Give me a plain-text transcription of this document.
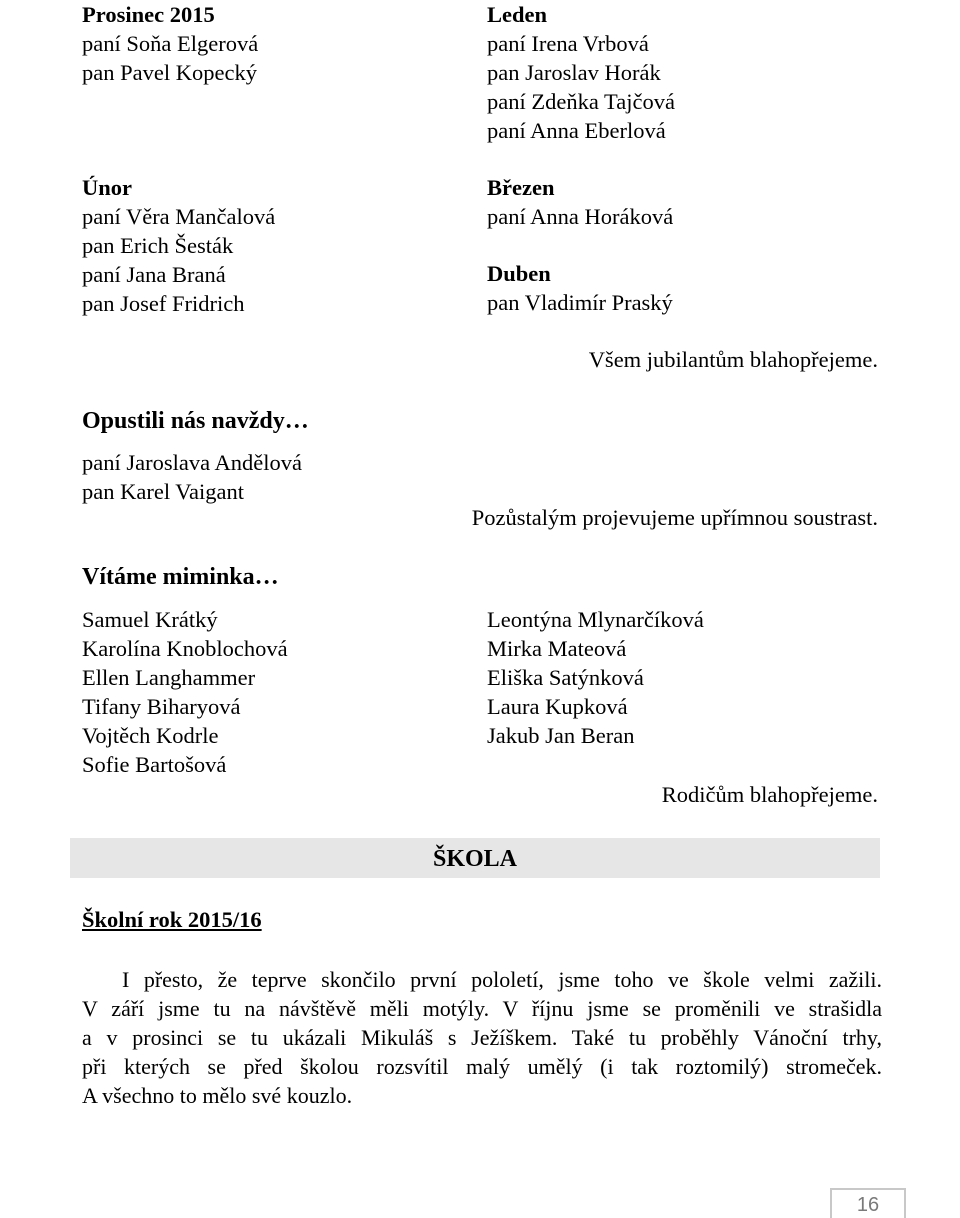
Prosinec 2015
paní Soňa Elgerová
pan Pavel Kopecký
Únor
paní Věra Mančalová
pan Erich Šesták
paní Jana Braná
pan Josef Fridrich
Leden
paní Irena Vrbová
pan Jaroslav Horák
paní Zdeňka Tajčová
paní Anna Eberlová
Březen
paní Anna Horáková
Duben
pan Vladimír Praský
Všem jubilantům blahopřejeme.
Opustili nás navždy…
paní Jaroslava Andělová
pan Karel Vaigant
Pozůstalým projevujeme upřímnou soustrast.
Vítáme miminka…
Samuel Krátký
Karolína Knoblochová
Ellen Langhammer
Tifany Biharyová
Vojtěch Kodrle
Sofie Bartošová
Leontýna Mlynarčíková
Mirka Mateová
Eliška Satýnková
Laura Kupková
Jakub Jan Beran
Rodičům blahopřejeme.
ŠKOLA
Školní rok 2015/16
I přesto, že teprve skončilo první pololetí, jsme toho ve škole velmi zažili.
V září jsme tu na návštěvě měli motýly. V říjnu jsme se proměnili ve strašidla
a v prosinci se tu ukázali Mikuláš s Ježíškem. Také tu proběhly Vánoční trhy,
při kterých se před školou rozsvítil malý umělý (i tak roztomilý) stromeček.
A všechno to mělo své kouzlo.
16
